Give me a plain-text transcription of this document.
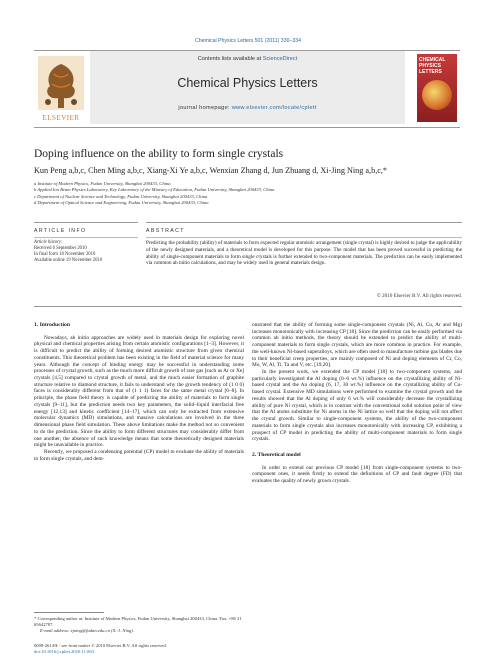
Chemical Physics Letters 501 (2011) 330–334
ELSEVIER
Contents lists available at ScienceDirect
Chemical Physics Letters
journal homepage: www.elsevier.com/locate/cplett
CHEMICAL PHYSICS LETTERS
Doping influence on the ability to form single crystals
Kun Peng a,b,c, Chen Ming a,b,c, Xiang-Xi Ye a,b,c, Wenxian Zhang d, Jun Zhuang d, Xi-Jing Ning a,b,c,*
a Institute of Modern Physics, Fudan University, Shanghai 200433, China
b Applied Ion Beam Physics Laboratory, Key Laboratory of the Ministry of Education, Fudan University, Shanghai 200433, China
c Department of Nuclear Science and Technology, Fudan University, Shanghai 200433, China
d Department of Optical Science and Engineering, Fudan University, Shanghai 200433, China
ARTICLE INFO	ABSTRACT
Article history:
Received 6 September 2010
In final form 18 November 2010
Available online 19 November 2010
Predicting the probability (ability) of materials to form expected regular atomistic arrangement (single crystal) is highly desired to judge the applicability of the newly designed materials, and a theoretical model is developed for this purpose. The model that has been proved successful in predicting the ability of single-component materials to form single crystals is further extended to two-component materials. The prediction can be easily implemented via common ab initio calculations, and may be widely used in general materials design.
© 2010 Elsevier B.V. All rights reserved.

1. Introduction

Nowadays, ab initio approaches are widely used in materials design for exploring novel physical and chemical properties arising from certain atomistic configurations [1–3]. However, it is difficult to predict the ability of forming desired atomistic structure from given chemical constituents. This theoretical problem has been existing in the field of material science for many years. Although the concept of binding energy may be successful in understanding some processes of crystal growth, such as the much more difficult growth of rare gas [such as Ar or Xe] crystals [4,5] compared to crystal growth of metal, and the much easier formation of graphite structure relative to diamond structure, it fails to understand why the growth tendency of (1 0 0) faces is considerably different from that of (1 1 1) faces for the same metal crystal [6–8]. In principle, the phase field theory is capable of predicting the ability of materials to form single crystals [9–11], but the prediction needs two key parameters, the solid–liquid interfacial free energy [12,13] and kinetic coefficient [14–17], which can only be extracted from extensive molecular dynamics (MD) simulations, and massive calculations are involved in the three dimensional phase field simulation. These above limitations make the method not so convenient to do the prediction. Since the ability to form different structures may considerably differ from one another, the absence of such knowledge means that some theoretically designed materials might be unavailable in practice.

Recently, we proposed a condensing potential (CP) model to evaluate the ability of materials to form single crystals, and dem-

onstrated that the ability of forming some single-component crystals (Ni, Al, Cu, Ar and Mg) increases monotonically with increasing CP [18]. Since the prediction can be easily performed via common ab initio methods, the theory should be extended to predict the ability of multi-component materials to form single crystals, which are more common in practice. For example, the well-known Ni-based superalloys, which are often used to manufacture turbine gas blades due to their beneficial creep properties, are mainly composed of Ni and doping elements of Cr, Co, Mo, W, Al, Ti, Ta and V, etc. [19,20].

In the present work, we extended the CP model [18] to two-component systems, and particularly investigated the Al doping (0–6 wt.%) influence on the crystallizing ability of Ni-based crystal and the Au doping (6, 17, 30 wt.%) influence on the crystallizing ability of Cu-based crystal. Extensive MD simulations were performed to examine the crystal growth and the results showed that the Al doping of only 6 wt.% will considerably decrease the crystallizing ability of pure Ni crystal, which is in contrast with the conventional solid solution point of view that the Al atoms substitute for Ni atoms in the Ni lattice so well that the doping will not affect the crystal growth. Similar to single-component systems, the ability of the two-component materials to form single crystals also increases monotonically with increasing CP, exhibiting a prospect of CP model in predicting the ability of multi-component materials to form single crystals.

2. Theoretical model

In order to extend our previous CP model [18] from single-component systems to two-component ones, it needs firstly to extend the definitions of CP and fault degree (FD) that evaluates the quality of newly grown crystals.

* Corresponding author at: Institute of Modern Physics, Fudan University, Shanghai 200433, China. Fax: +86 21 65642787.
E-mail address: xjning@fudan.edu.cn (X.-J. Ning).
0009-2614/$ - see front matter © 2010 Elsevier B.V. All rights reserved.
doi:10.1016/j.cplett.2010.11.063
